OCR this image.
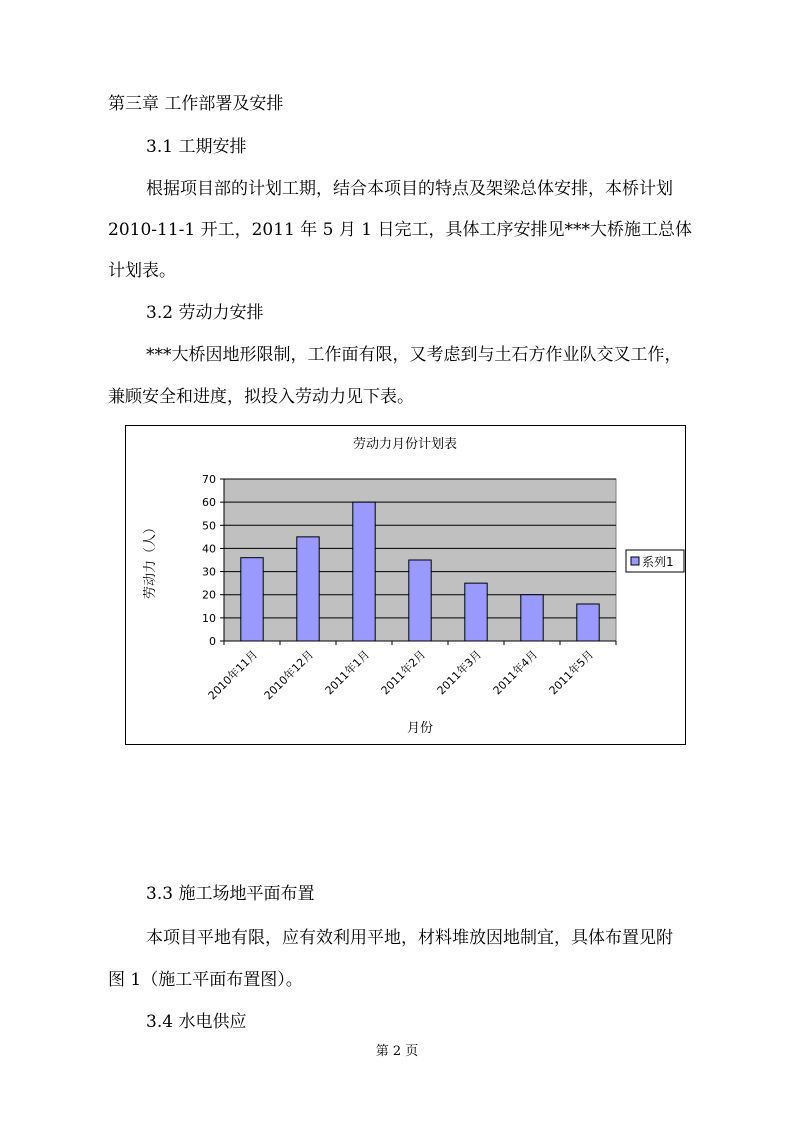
第三章 工作部署及安排
3.1 工期安排
根据项目部的计划工期，结合本项目的特点及架梁总体安排，本桥计划
2010-11-1 开工，2011 年 5 月 1 日完工，具体工序安排见***大桥施工总体
计划表。
3.2 劳动力安排
***大桥因地形限制，工作面有限，又考虑到与土石方作业队交叉工作，
兼顾安全和进度，拟投入劳动力见下表。
0
10
20
30
40
50
60
70
2010年11月 2010年12月 2011年1月 2011年2月 2011年3月 2011年4月 2011年5月
劳动力月份计划表
月份
劳动力（人）	系列1
3.3 施工场地平面布置
本项目平地有限，应有效利用平地，材料堆放因地制宜，具体布置见附
图 1（施工平面布置图）。
3.4 水电供应
第 2 页
